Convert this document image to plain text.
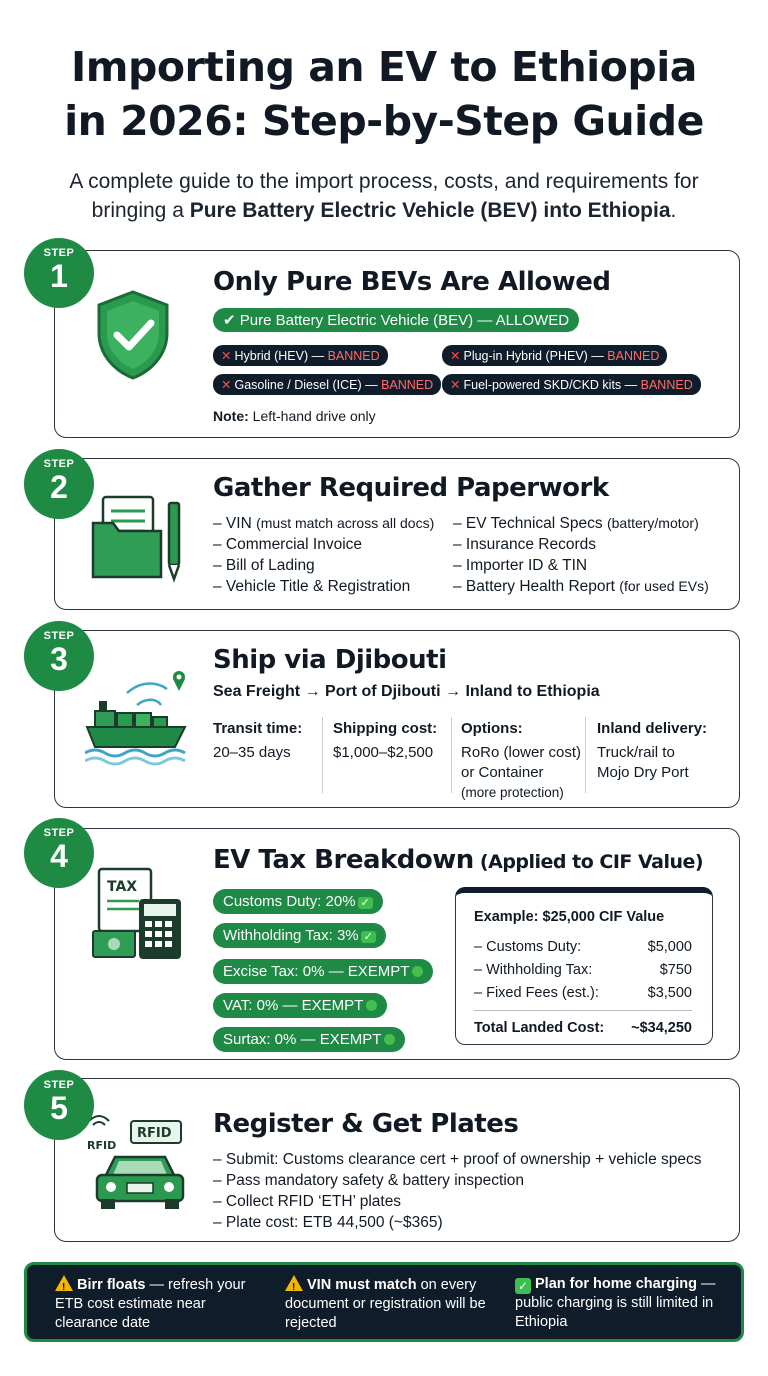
Importing an EV to Ethiopia
in 2026: Step-by-Step Guide
A complete guide to the import process, costs, and requirements for bringing a Pure Battery Electric Vehicle (BEV) into Ethiopia.
STEP
1	Only Pure BEVs Are Allowed
✔ Pure Battery Electric Vehicle (BEV) — ALLOWED
✕ Hybrid (HEV) — BANNED	✕ Plug-in Hybrid (PHEV) — BANNED
✕ Gasoline / Diesel (ICE) — BANNED	✕ Fuel-powered SKD/CKD kits — BANNED
Note: Left-hand drive only
STEP
2	Gather Required Paperwork
– VIN (must match across all docs)
– Commercial Invoice
– Bill of Lading
– Vehicle Title & Registration
– EV Technical Specs (battery/motor)
– Insurance Records
– Importer ID & TIN
– Battery Health Report (for used EVs)
STEP
3	Ship via Djibouti
Sea Freight → Port of Djibouti → Inland to Ethiopia
Transit time:
20–35 days
Shipping cost:
$1,000–$2,500
Options:
RoRo (lower cost)
or Container
(more protection)
Inland delivery:
Truck/rail to
Mojo Dry Port
STEP
4	EV Tax Breakdown (Applied to CIF Value)
TAX
Customs Duty: 20% ✓
Withholding Tax: 3% ✓
Excise Tax: 0% — EXEMPT
VAT: 0% — EXEMPT
Surtax: 0% — EXEMPT
Example: $25,000 CIF Value
– Customs Duty:	$5,000
– Withholding Tax:	$750
– Fixed Fees (est.):	$3,500
Total Landed Cost: ~$34,250
STEP
5	Register & Get Plates
RFID
RFID
– Submit: Customs clearance cert + proof of ownership + vehicle specs
– Pass mandatory safety & battery inspection
– Collect RFID ‘ETH’ plates
– Plate cost: ETB 44,500 (~$365)
!Birr floats — refresh your ETB cost estimate near clearance date
!VIN must match on every document or registration will be rejected
✓ Plan for home charging — public charging is still limited in Ethiopia
